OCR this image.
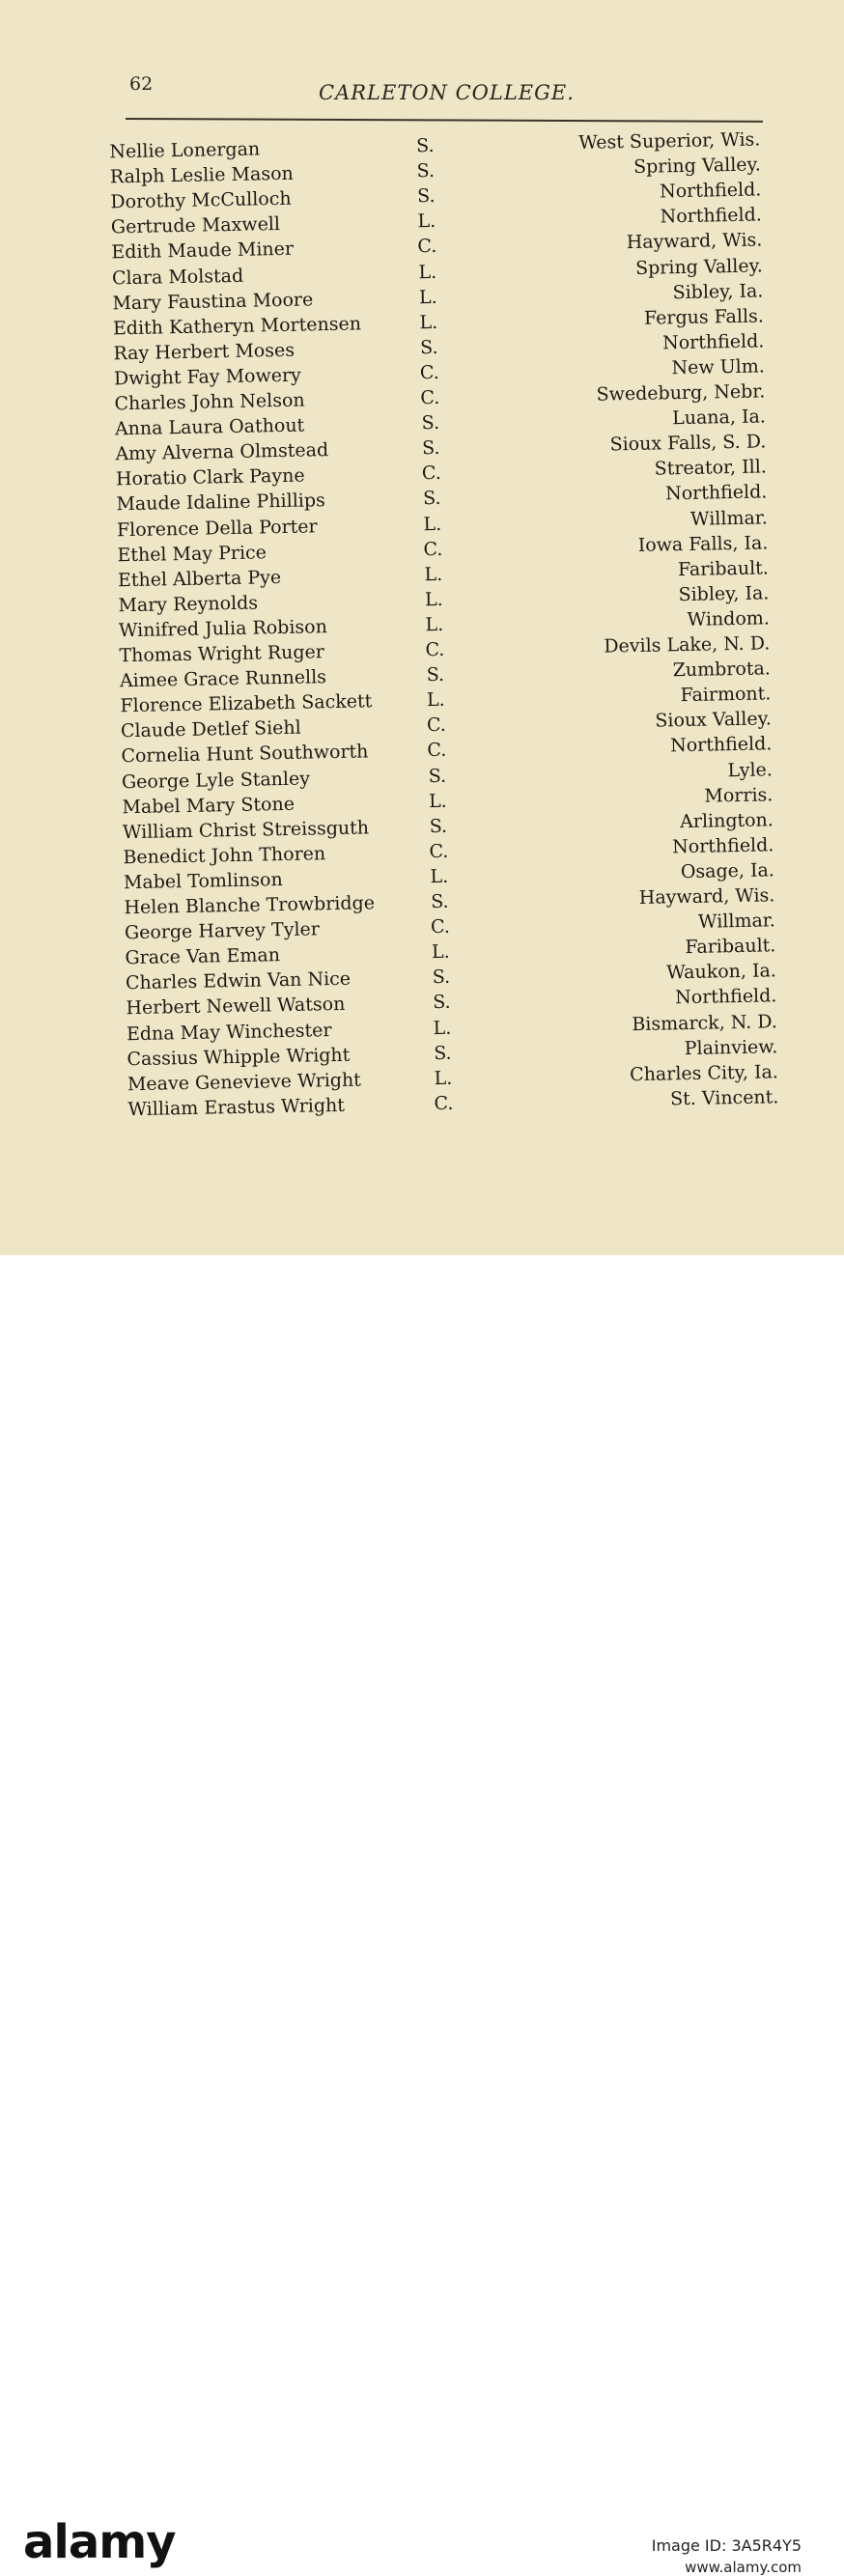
62	CARLETON COLLEGE.
Nellie Lonergan	S.	West Superior, Wis.
Ralph Leslie Mason	S.	Spring Valley.
Dorothy McCulloch	S.	Northfield.
Gertrude Maxwell	L.	Northfield.
Edith Maude Miner	C.	Hayward, Wis.
Clara Molstad	L.	Spring Valley.
Mary Faustina Moore	L.	Sibley, Ia.
Edith Katheryn Mortensen	L.	Fergus Falls.
Ray Herbert Moses	S.	Northfield.
Dwight Fay Mowery	C.	New Ulm.
Charles John Nelson	C.	Swedeburg, Nebr.
Anna Laura Oathout	S.	Luana, Ia.
Amy Alverna Olmstead	S.	Sioux Falls, S. D.
Horatio Clark Payne	C.	Streator, Ill.
Maude Idaline Phillips	S.	Northfield.
Florence Della Porter	L.	Willmar.
Ethel May Price	C.	Iowa Falls, Ia.
Ethel Alberta Pye	L.	Faribault.
Mary Reynolds	L.	Sibley, Ia.
Winifred Julia Robison	L.	Windom.
Thomas Wright Ruger	C.	Devils Lake, N. D.
Aimee Grace Runnells	S.	Zumbrota.
Florence Elizabeth Sackett	L.	Fairmont.
Claude Detlef Siehl	C.	Sioux Valley.
Cornelia Hunt Southworth	C.	Northfield.
George Lyle Stanley	S.	Lyle.
Mabel Mary Stone	L.	Morris.
William Christ Streissguth	S.	Arlington.
Benedict John Thoren	C.	Northfield.
Mabel Tomlinson	L.	Osage, Ia.
Helen Blanche Trowbridge	S.	Hayward, Wis.
George Harvey Tyler	C.	Willmar.
Grace Van Eman	L.	Faribault.
Charles Edwin Van Nice	S.	Waukon, Ia.
Herbert Newell Watson	S.	Northfield.
Edna May Winchester	L.	Bismarck, N. D.
Cassius Whipple Wright	S.	Plainview.
Meave Genevieve Wright	L.	Charles City, Ia.
William Erastus Wright	C.	St. Vincent.
alamy	Image ID: 3A5R4Y5
www.alamy.com
